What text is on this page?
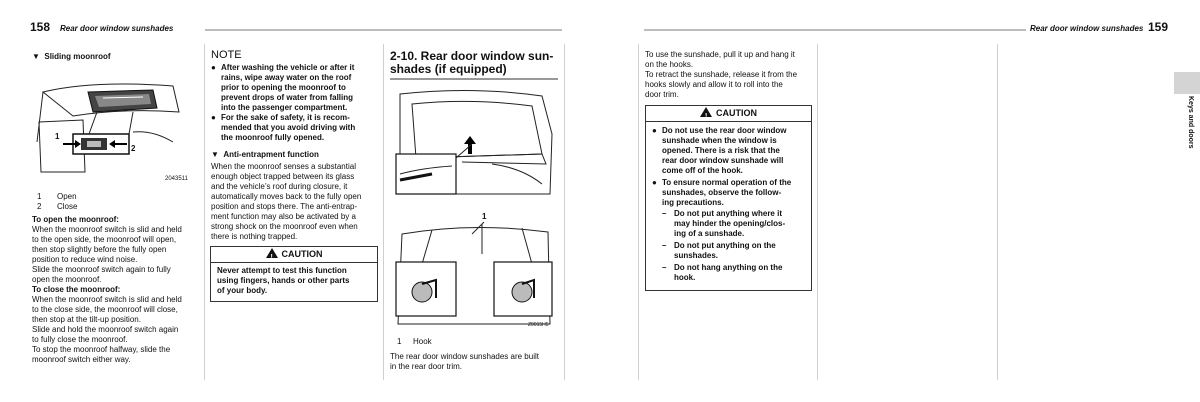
158 Rear door window sunshades
▼ Sliding moonroof
1
2
2043511
1 Open
2 Close
To open the moonroof:
When the moonroof switch is slid and held
to the open side, the moonroof will open,
then stop slightly before the fully open
position to reduce wind noise.
Slide the moonroof switch again to fully
open the moonroof.
To close the moonroof:
When the moonroof switch is slid and held
to the close side, the moonroof will close,
then stop at the tilt-up position.
Slide and hold the moonroof switch again
to fully close the moonroof.
To stop the moonroof halfway, slide the
moonroof switch either way.
NOTE
● After washing the vehicle or after it
rains, wipe away water on the roof
prior to opening the moonroof to
prevent drops of water from falling
into the passenger compartment.
● For the sake of safety, it is recom-
mended that you avoid driving with
the moonroof fully opened.
▼ Anti-entrapment function
When the moonroof senses a substantial
enough object trapped between its glass
and the vehicle’s roof during closure, it
automatically moves back to the fully open
position and stops there. The anti-entrap-
ment function may also be activated by a
strong shock on the moonroof even when
there is nothing trapped.
! CAUTION
Never attempt to test this function
using fingers, hands or other parts
of your body.
2-10. Rear door window sun-
shades (if equipped)
1
Z0015H5
1 Hook
The rear door window sunshades are built
in the rear door trim.
Rear door window sunshades 159
To use the sunshade, pull it up and hang it
on the hooks.
To retract the sunshade, release it from the
hooks slowly and allow it to roll into the
door trim.
! CAUTION
● Do not use the rear door window
sunshade when the window is
opened. There is a risk that the
rear door window sunshade will
come off of the hook.
● To ensure normal operation of the
sunshades, observe the follow-
ing precautions.
– Do not put anything where it
may hinder the opening/clos-
ing of a sunshade.
– Do not put anything on the
sunshades.
– Do not hang anything on the
hook.
Keys and doors
